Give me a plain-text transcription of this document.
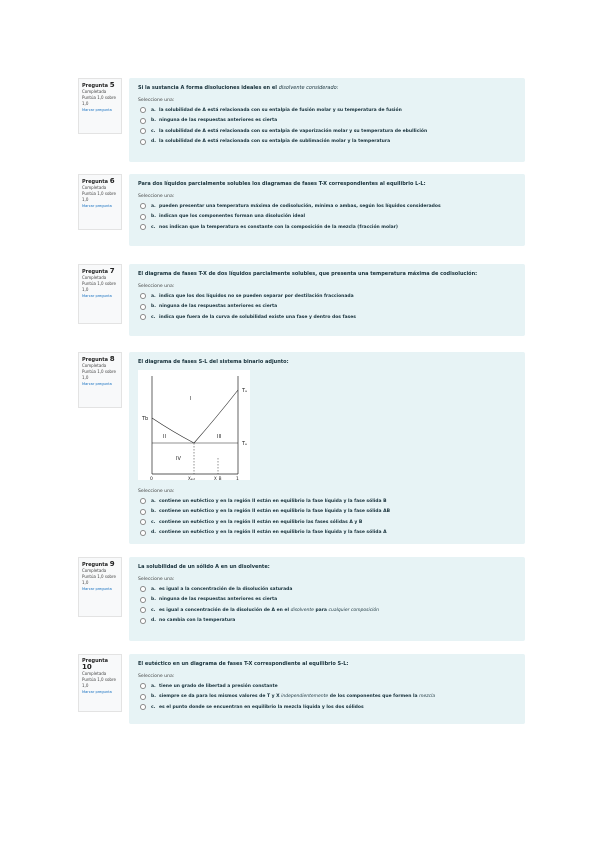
Pregunta 5
Completada
Puntúa 1,0 sobre 1,0
Marcar pregunta
Si la sustancia A forma disoluciones ideales en el disolvente considerado:
Seleccione una:
a. la solubilidad de A está relacionada con su entalpia de fusión molar y su temperatura de fusión
b. ninguna de las respuestas anteriores es cierta
c. la solubilidad de A está relacionada con su entalpia de vaporización molar y su temperatura de ebullición
d. la solubilidad de A está relacionada con su entalpia de sublimación molar y la temperatura
Pregunta 6
Completada
Puntúa 1,0 sobre 1,0
Marcar pregunta
Para dos líquidos parcialmente solubles los diagramas de fases T-X correspondientes al equilibrio L-L:
Seleccione una:
a. pueden presentar una temperatura máxima de codisolución, mínima o ambas, según los líquidos considerados
b. indican que los componentes forman una disolución ideal
c. nos indican que la temperatura es constante con la composición de la mezcla (fracción molar)
Pregunta 7
Completada
Puntúa 1,0 sobre 1,0
Marcar pregunta
El diagrama de fases T-X de dos líquidos parcialmente solubles, que presenta una temperatura máxima de codisolución:
Seleccione una:
a. indica que los dos líquidos no se pueden separar por destilación fraccionada
b. ninguna de las respuestas anteriores es cierta
c. indica que fuera de la curva de solubilidad existe una fase y dentro dos fases
Pregunta 8
Completada
Puntúa 1,0 sobre 1,0
Marcar pregunta
El diagrama de fases S-L del sistema binario adjunto:
Tₐ
Tb
Tₑ
I
II	III
IV
0	1
Xₑᵤₜ	X_B
Seleccione una:
a. contiene un eutéctico y en la región II están en equilibrio la fase líquida y la fase sólida B
b. contiene un eutéctico y en la región II están en equilibrio la fase líquida y la fase sólida AB
c. contiene un eutéctico y en la región II están en equilibrio las fases sólidas A y B
d. contiene un eutéctico y en la región II están en equilibrio la fase líquida y la fase sólida A
Pregunta 9
Completada
Puntúa 1,0 sobre 1,0
Marcar pregunta
La solubilidad de un sólido A en un disolvente:
Seleccione una:
a. es igual a la concentración de la disolución saturada
b. ninguna de las respuestas anteriores es cierta
c. es igual a concentración de la disolución de A en el disolvente para cualquier composición
d. no cambia con la temperatura
Pregunta 10
Completada
Puntúa 1,0 sobre 1,0
Marcar pregunta
El eutéctico en un diagrama de fases T-X correspondiente al equilibrio S-L:
Seleccione una:
a. tiene un grado de libertad a presión constante
b. siempre se da para los mismos valores de T y X independientemente de los componentes que formen la mezcla
c. es el punto donde se encuentran en equilibrio la mezcla líquida y los dos sólidos
